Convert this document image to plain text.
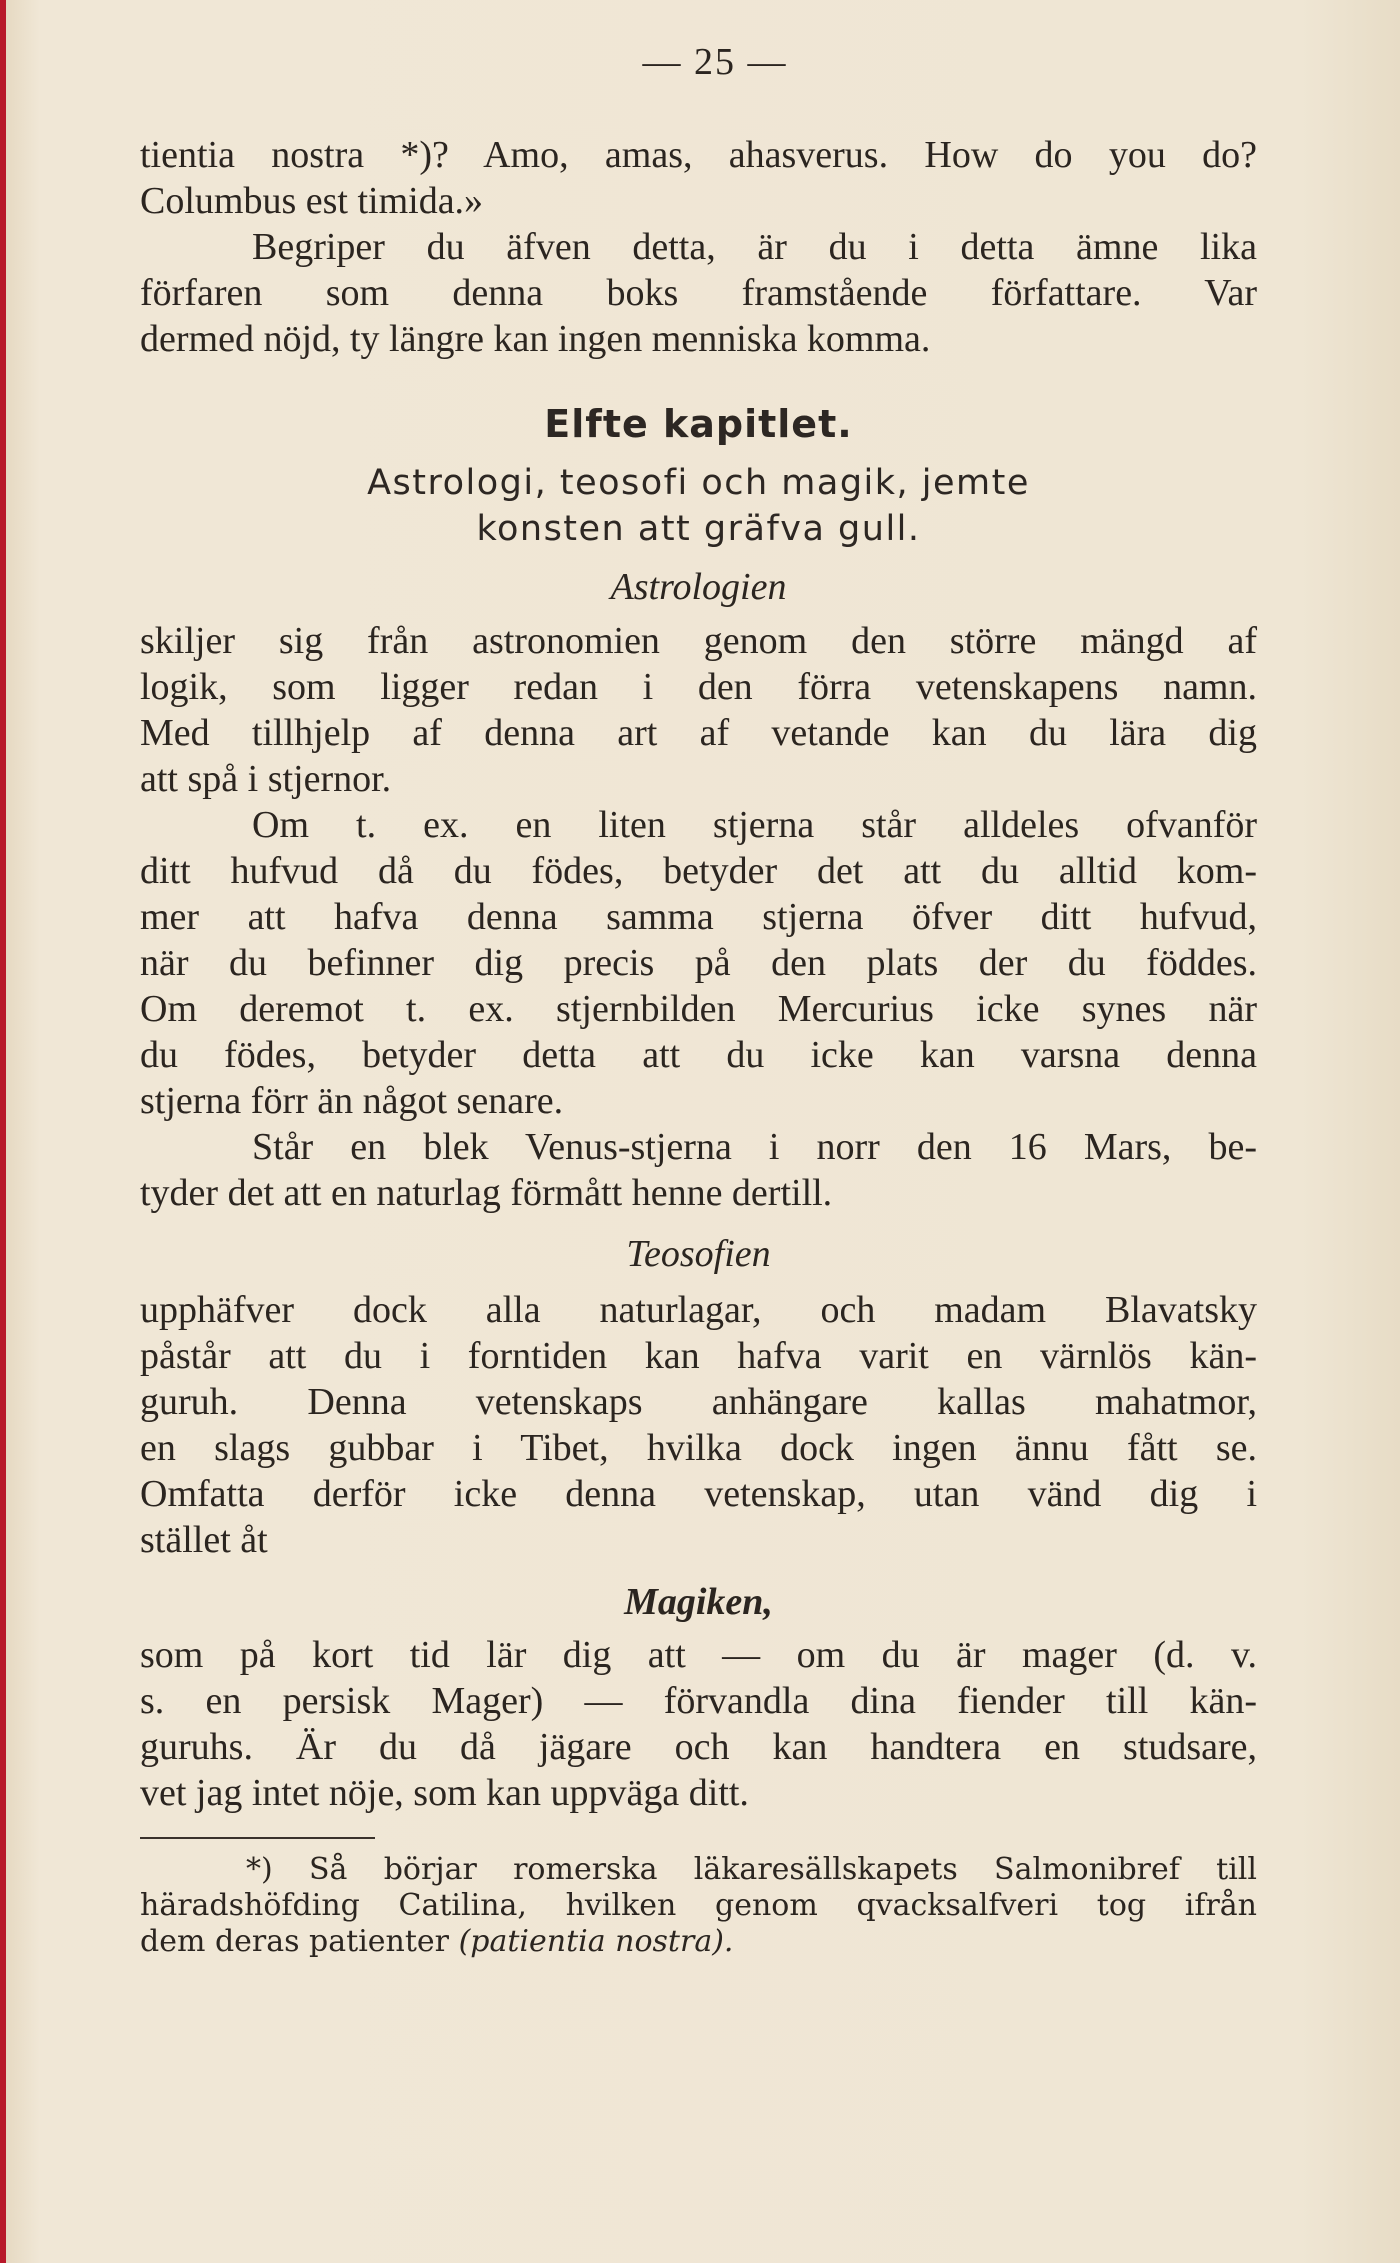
— 25 —
tientia nostra *)? Amo, amas, ahasverus. How do you do?
Columbus est timida.»
Begriper du äfven detta, är du i detta ämne lika
förfaren som denna boks framstående författare. Var
dermed nöjd, ty längre kan ingen menniska komma.
Elfte kapitlet.
Astrologi, teosofi och magik, jemte
konsten att gräfva gull.
Astrologien
skiljer sig från astronomien genom den större mängd af
logik, som ligger redan i den förra vetenskapens namn.
Med tillhjelp af denna art af vetande kan du lära dig
att spå i stjernor.
Om t. ex. en liten stjerna står alldeles ofvanför
ditt hufvud då du födes, betyder det att du alltid kom-
mer att hafva denna samma stjerna öfver ditt hufvud,
när du befinner dig precis på den plats der du föddes.
Om deremot t. ex. stjernbilden Mercurius icke synes när
du födes, betyder detta att du icke kan varsna denna
stjerna förr än något senare.
Står en blek Venus-stjerna i norr den 16 Mars, be-
tyder det att en naturlag förmått henne dertill.
Teosofien
upphäfver dock alla naturlagar, och madam Blavatsky
påstår att du i forntiden kan hafva varit en värnlös kän-
guruh. Denna vetenskaps anhängare kallas mahatmor,
en slags gubbar i Tibet, hvilka dock ingen ännu fått se.
Omfatta derför icke denna vetenskap, utan vänd dig i
stället åt
Magiken,
som på kort tid lär dig att — om du är mager (d. v.
s. en persisk Mager) — förvandla dina fiender till kän-
guruhs. Är du då jägare och kan handtera en studsare,
vet jag intet nöje, som kan uppväga ditt.
*) Så börjar romerska läkaresällskapets Salmonibref till
häradshöfding Catilina, hvilken genom qvacksalfveri tog ifrån
dem deras patienter (patientia nostra).
